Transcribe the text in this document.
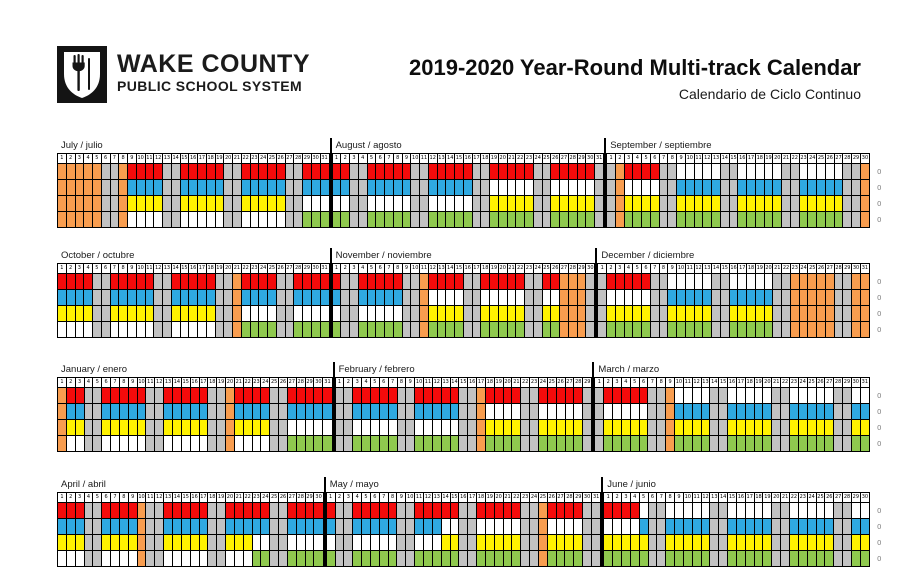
WAKE COUNTY
PUBLIC SCHOOL SYSTEM
2019-2020 Year-Round Multi-track Calendar
Calendario de Ciclo Continuo
July / julio
1	2	3	4	5	6	7	8	9	10	11	12	13	14	15	16	17	18	19	20	21	22	23	24	25	26	27	28	29	30	31

August / agosto
1	2	3	4	5	6	7	8	9	10	11	12	13	14	15	16	17	18	19	20	21	22	23	24	25	26	27	28	29	30	31

September / septiembre
1	2	3	4	5	6	7	8	9	10	11	12	13	14	15	16	17	18	19	20	21	22	23	24	25	26	27	28	29	30

0
0
0
0
October / octubre
1	2	3	4	5	6	7	8	9	10	11	12	13	14	15	16	17	18	19	20	21	22	23	24	25	26	27	28	29	30	31

November / noviembre
1	2	3	4	5	6	7	8	9	10	11	12	13	14	15	16	17	18	19	20	21	22	23	24	25	26	27	28	29	30

December / diciembre
1	2	3	4	5	6	7	8	9	10	11	12	13	14	15	16	17	18	19	20	21	22	23	24	25	26	27	28	29	30	31

0
0
0
0
January / enero
1	2	3	4	5	6	7	8	9	10	11	12	13	14	15	16	17	18	19	20	21	22	23	24	25	26	27	28	29	30	31

February / febrero
1	2	3	4	5	6	7	8	9	10	11	12	13	14	15	16	17	18	19	20	21	22	23	24	25	26	27	28	29

March / marzo
1	2	3	4	5	6	7	8	9	10	11	12	13	14	15	16	17	18	19	20	21	22	23	24	25	26	27	28	29	30	31

0
0
0
0
April / abril
1	2	3	4	5	6	7	8	9	10	11	12	13	14	15	16	17	18	19	20	21	22	23	24	25	26	27	28	29	30

May / mayo
1	2	3	4	5	6	7	8	9	10	11	12	13	14	15	16	17	18	19	20	21	22	23	24	25	26	27	28	29	30	31

June / junio
1	2	3	4	5	6	7	8	9	10	11	12	13	14	15	16	17	18	19	20	21	22	23	24	25	26	27	28	29	30

0
0
0
0
